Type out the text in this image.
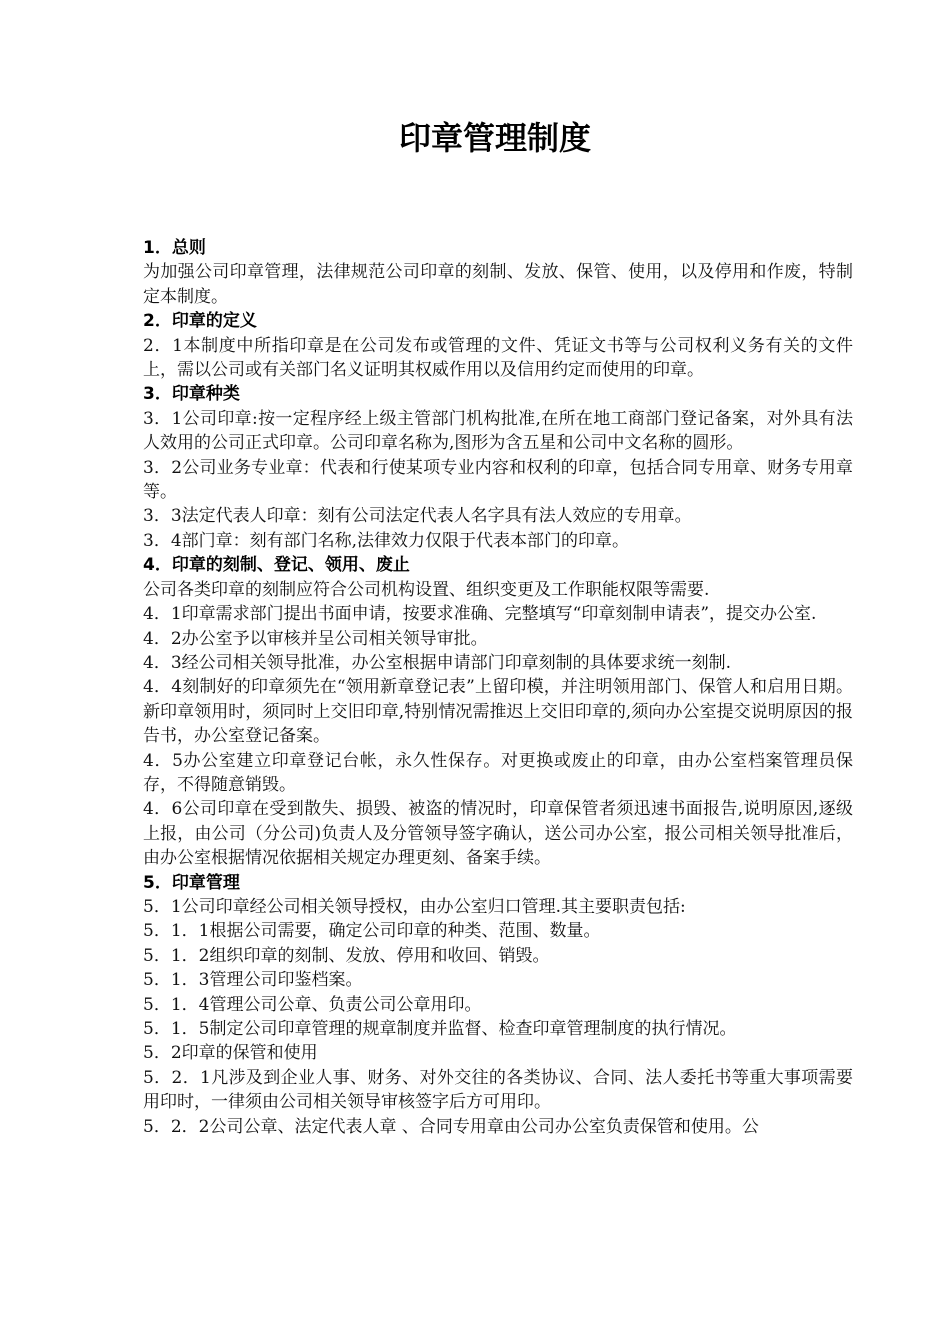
印章管理制度

1．总则

为加强公司印章管理，法律规范公司印章的刻制、发放、保管、使用，以及停用和作废，特制定本制度。

2．印章的定义

2．1本制度中所指印章是在公司发布或管理的文件、凭证文书等与公司权利义务有关的文件上，需以公司或有关部门名义证明其权威作用以及信用约定而使用的印章。

3．印章种类

3．1公司印章:按一定程序经上级主管部门机构批准,在所在地工商部门登记备案，对外具有法人效用的公司正式印章。公司印章名称为,图形为含五星和公司中文名称的圆形。

3．2公司业务专业章：代表和行使某项专业内容和权利的印章，包括合同专用章、财务专用章等。

3．3法定代表人印章：刻有公司法定代表人名字具有法人效应的专用章。

3．4部门章：刻有部门名称,法律效力仅限于代表本部门的印章。

4．印章的刻制、登记、领用、废止

公司各类印章的刻制应符合公司机构设置、组织变更及工作职能权限等需要.

4．1印章需求部门提出书面申请，按要求准确、完整填写“印章刻制申请表”，提交办公室.

4．2办公室予以审核并呈公司相关领导审批。

4．3经公司相关领导批准，办公室根据申请部门印章刻制的具体要求统一刻制.

4．4刻制好的印章须先在“领用新章登记表”上留印模，并注明领用部门、保管人和启用日期。新印章领用时，须同时上交旧印章,特别情况需推迟上交旧印章的,须向办公室提交说明原因的报告书，办公室登记备案。

4．5办公室建立印章登记台帐，永久性保存。对更换或废止的印章，由办公室档案管理员保存，不得随意销毁。

4．6公司印章在受到散失、损毁、被盗的情况时，印章保管者须迅速书面报告,说明原因,逐级上报，由公司（分公司)负责人及分管领导签字确认，送公司办公室，报公司相关领导批准后，由办公室根据情况依据相关规定办理更刻、备案手续。

5．印章管理

5．1公司印章经公司相关领导授权，由办公室归口管理.其主要职责包括:

5．1．1根据公司需要，确定公司印章的种类、范围、数量。

5．1．2组织印章的刻制、发放、停用和收回、销毁。

5．1．3管理公司印鉴档案。

5．1．4管理公司公章、负责公司公章用印。

5．1．5制定公司印章管理的规章制度并监督、检查印章管理制度的执行情况。

5．2印章的保管和使用

5．2．1凡涉及到企业人事、财务、对外交往的各类协议、合同、法人委托书等重大事项需要用印时，一律须由公司相关领导审核签字后方可用印。

5．2．2公司公章、法定代表人章 、合同专用章由公司办公室负责保管和使用。公
